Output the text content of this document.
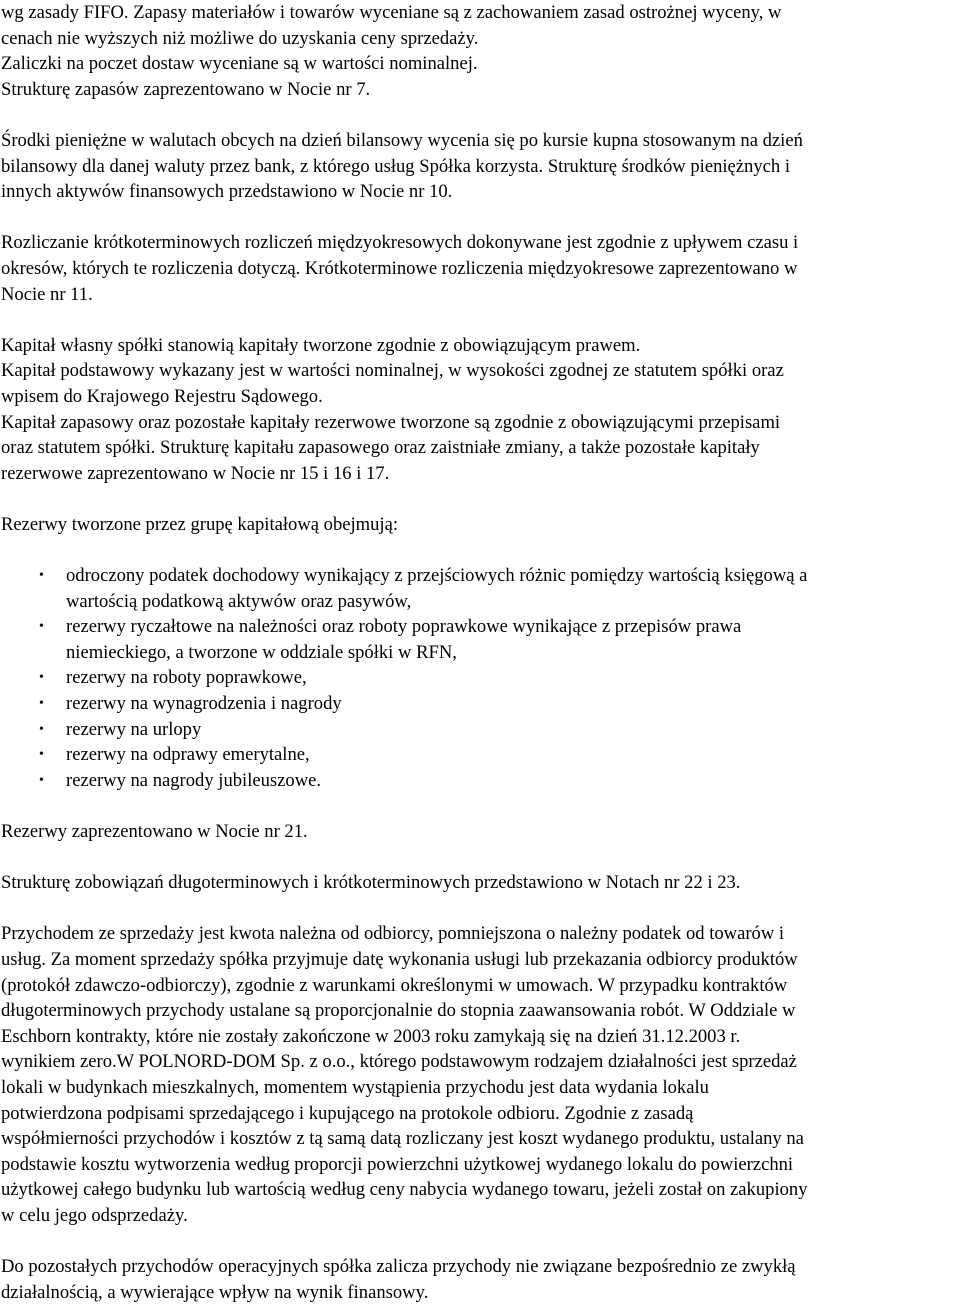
wg zasady FIFO. Zapasy materiałów i towarów wyceniane są z zachowaniem zasad ostrożnej wyceny, w
cenach nie wyższych niż możliwe do uzyskania ceny sprzedaży.
Zaliczki na poczet dostaw wyceniane są w wartości nominalnej.
Strukturę zapasów zaprezentowano w Nocie nr 7.
Środki pieniężne w walutach obcych na dzień bilansowy wycenia się po kursie kupna stosowanym na dzień
bilansowy dla danej waluty przez bank, z którego usług Spółka korzysta. Strukturę środków pieniężnych i
innych aktywów finansowych przedstawiono w Nocie nr 10.
Rozliczanie krótkoterminowych rozliczeń międzyokresowych dokonywane jest zgodnie z upływem czasu i
okresów, których te rozliczenia dotyczą. Krótkoterminowe rozliczenia międzyokresowe zaprezentowano w
Nocie nr 11.
Kapitał własny spółki stanowią kapitały tworzone zgodnie z obowiązującym prawem.
Kapitał podstawowy wykazany jest w wartości nominalnej, w wysokości zgodnej ze statutem spółki oraz
wpisem do Krajowego Rejestru Sądowego.
Kapitał zapasowy oraz pozostałe kapitały rezerwowe tworzone są zgodnie z obowiązującymi przepisami
oraz statutem spółki. Strukturę kapitału zapasowego oraz zaistniałe zmiany, a także pozostałe kapitały
rezerwowe zaprezentowano w Nocie nr 15 i 16 i 17.
Rezerwy tworzone przez grupę kapitałową obejmują:
• odroczony podatek dochodowy wynikający z przejściowych różnic pomiędzy wartością księgową a
wartością podatkową aktywów oraz pasywów,
• rezerwy ryczałtowe na należności oraz roboty poprawkowe wynikające z przepisów prawa
niemieckiego, a tworzone w oddziale spółki w RFN,
• rezerwy na roboty poprawkowe,
• rezerwy na wynagrodzenia i nagrody
• rezerwy na urlopy
• rezerwy na odprawy emerytalne,
• rezerwy na nagrody jubileuszowe.
Rezerwy zaprezentowano w Nocie nr 21.
Strukturę zobowiązań długoterminowych i krótkoterminowych przedstawiono w Notach nr 22 i 23.
Przychodem ze sprzedaży jest kwota należna od odbiorcy, pomniejszona o należny podatek od towarów i
usług. Za moment sprzedaży spółka przyjmuje datę wykonania usługi lub przekazania odbiorcy produktów
(protokół zdawczo-odbiorczy), zgodnie z warunkami określonymi w umowach. W przypadku kontraktów
długoterminowych przychody ustalane są proporcjonalnie do stopnia zaawansowania robót. W Oddziale w
Eschborn kontrakty, które nie zostały zakończone w 2003 roku zamykają się na dzień 31.12.2003 r.
wynikiem zero.W POLNORD-DOM Sp. z o.o., którego podstawowym rodzajem działalności jest sprzedaż
lokali w budynkach mieszkalnych, momentem wystąpienia przychodu jest data wydania lokalu
potwierdzona podpisami sprzedającego i kupującego na protokole odbioru. Zgodnie z zasadą
współmierności przychodów i kosztów z tą samą datą rozliczany jest koszt wydanego produktu, ustalany na
podstawie kosztu wytworzenia według proporcji powierzchni użytkowej wydanego lokalu do powierzchni
użytkowej całego budynku lub wartością według ceny nabycia wydanego towaru, jeżeli został on zakupiony
w celu jego odsprzedaży.
Do pozostałych przychodów operacyjnych spółka zalicza przychody nie związane bezpośrednio ze zwykłą
działalnością, a wywierające wpływ na wynik finansowy.
